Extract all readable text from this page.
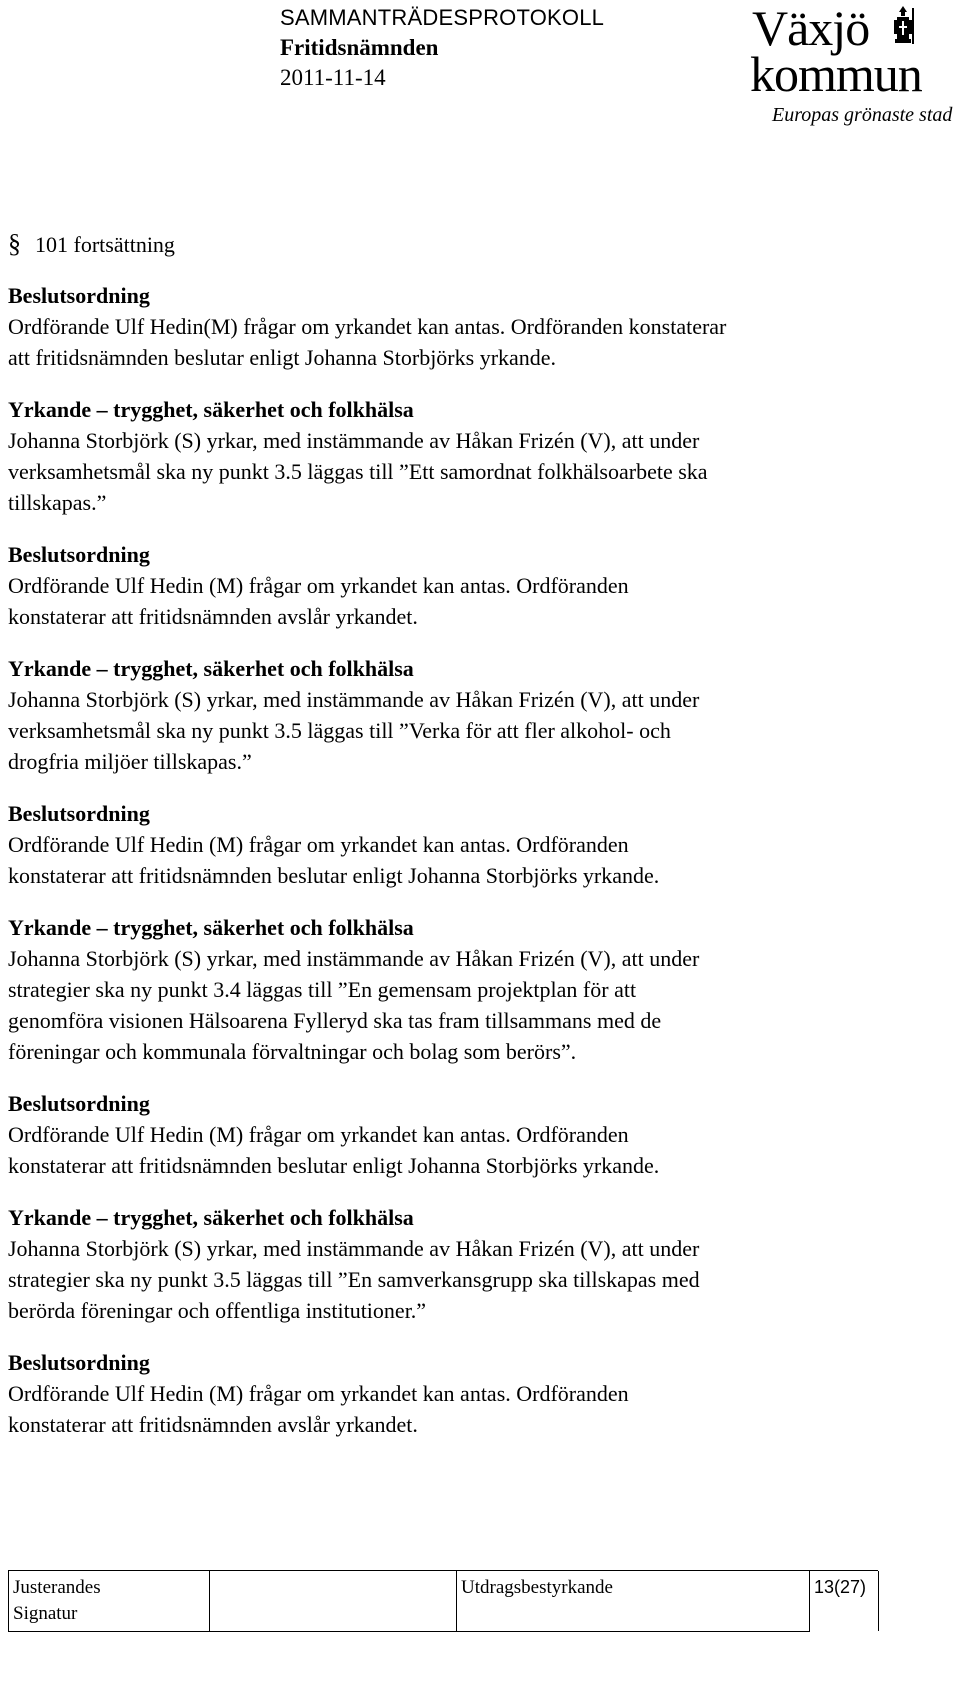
SAMMANTRÄDESPROTOKOLL
Fritidsnämnden
2011-11-14
Växjö
kommun
Europas grönaste stad
§ 101 fortsättning
Beslutsordning
Ordförande Ulf Hedin(M) frågar om yrkandet kan antas. Ordföranden konstaterar
att fritidsnämnden beslutar enligt Johanna Storbjörks yrkande.
Yrkande – trygghet, säkerhet och folkhälsa
Johanna Storbjörk (S) yrkar, med instämmande av Håkan Frizén (V), att under
verksamhetsmål ska ny punkt 3.5 läggas till ”Ett samordnat folkhälsoarbete ska
tillskapas.”
Beslutsordning
Ordförande Ulf Hedin (M) frågar om yrkandet kan antas. Ordföranden
konstaterar att fritidsnämnden avslår yrkandet.
Yrkande – trygghet, säkerhet och folkhälsa
Johanna Storbjörk (S) yrkar, med instämmande av Håkan Frizén (V), att under
verksamhetsmål ska ny punkt 3.5 läggas till ”Verka för att fler alkohol- och
drogfria miljöer tillskapas.”
Beslutsordning
Ordförande Ulf Hedin (M) frågar om yrkandet kan antas. Ordföranden
konstaterar att fritidsnämnden beslutar enligt Johanna Storbjörks yrkande.
Yrkande – trygghet, säkerhet och folkhälsa
Johanna Storbjörk (S) yrkar, med instämmande av Håkan Frizén (V), att under
strategier ska ny punkt 3.4 läggas till ”En gemensam projektplan för att
genomföra visionen Hälsoarena Fylleryd ska tas fram tillsammans med de
föreningar och kommunala förvaltningar och bolag som berörs”.
Beslutsordning
Ordförande Ulf Hedin (M) frågar om yrkandet kan antas. Ordföranden
konstaterar att fritidsnämnden beslutar enligt Johanna Storbjörks yrkande.
Yrkande – trygghet, säkerhet och folkhälsa
Johanna Storbjörk (S) yrkar, med instämmande av Håkan Frizén (V), att under
strategier ska ny punkt 3.5 läggas till ”En samverkansgrupp ska tillskapas med
berörda föreningar och offentliga institutioner.”
Beslutsordning
Ordförande Ulf Hedin (M) frågar om yrkandet kan antas. Ordföranden
konstaterar att fritidsnämnden avslår yrkandet.
Justerandes
Signatur
Utdragsbestyrkande	13(27)
